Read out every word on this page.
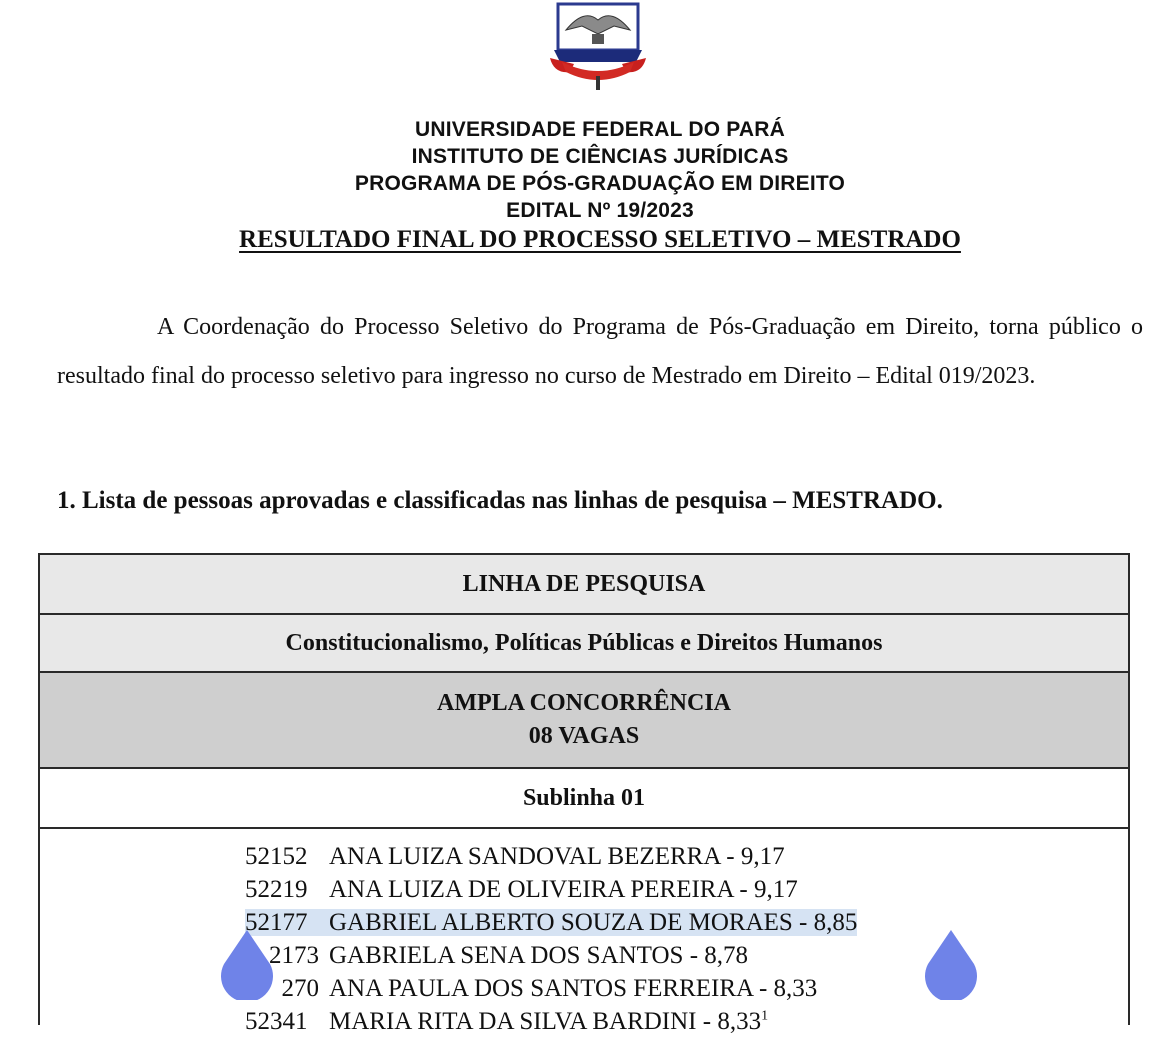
UNIVERSIDADE FEDERAL DO PARÁ
INSTITUTO DE CIÊNCIAS JURÍDICAS
PROGRAMA DE PÓS-GRADUAÇÃO EM DIREITO
EDITAL Nº 19/2023
RESULTADO FINAL DO PROCESSO SELETIVO – MESTRADO

A Coordenação do Processo Seletivo do Programa de Pós-Graduação em Direito, torna público o resultado final do processo seletivo para ingresso no curso de Mestrado em Direito – Edital 019/2023.

1. Lista de pessoas aprovadas e classificadas nas linhas de pesquisa – MESTRADO.
LINHA DE PESQUISA
Constitucionalismo, Políticas Públicas e Direitos Humanos
AMPLA CONCORRÊNCIA
08 VAGAS
Sublinha 01
52152 ANA LUIZA SANDOVAL BEZERRA - 9,17
52219 ANA LUIZA DE OLIVEIRA PEREIRA - 9,17
52177 GABRIEL ALBERTO SOUZA DE MORAES - 8,85
2173 GABRIELA SENA DOS SANTOS - 8,78
270 ANA PAULA DOS SANTOS FERREIRA - 8,33
52341 MARIA RITA DA SILVA BARDINI - 8,33$^1$
